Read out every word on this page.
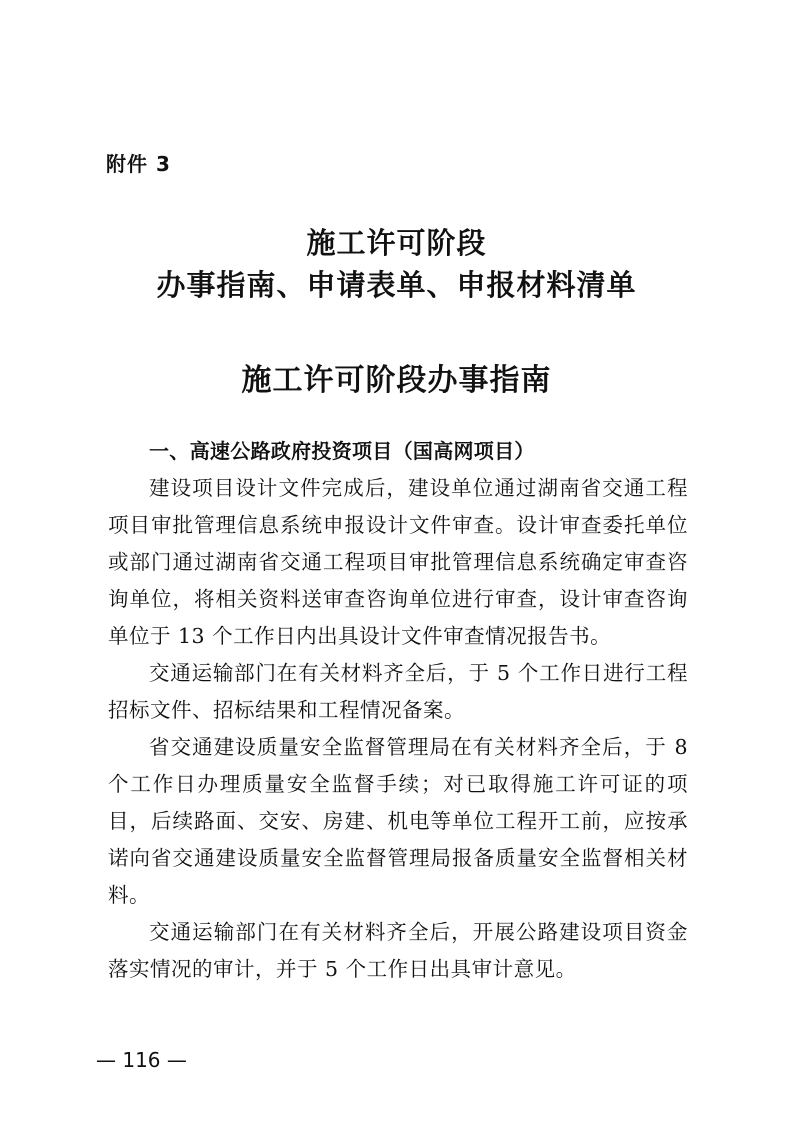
附件 3
施工许可阶段
办事指南、申请表单、申报材料清单
施工许可阶段办事指南

一、高速公路政府投资项目（国高网项目）

建设项目设计文件完成后，建设单位通过湖南省交通工程项目审批管理信息系统申报设计文件审查。设计审查委托单位或部门通过湖南省交通工程项目审批管理信息系统确定审查咨询单位，将相关资料送审查咨询单位进行审查，设计审查咨询单位于 13 个工作日内出具设计文件审查情况报告书。

交通运输部门在有关材料齐全后，于 5 个工作日进行工程招标文件、招标结果和工程情况备案。

省交通建设质量安全监督管理局在有关材料齐全后，于 8 个工作日办理质量安全监督手续；对已取得施工许可证的项目，后续路面、交安、房建、机电等单位工程开工前，应按承诺向省交通建设质量安全监督管理局报备质量安全监督相关材料。

交通运输部门在有关材料齐全后，开展公路建设项目资金落实情况的审计，并于 5 个工作日出具审计意见。

— 116 —
